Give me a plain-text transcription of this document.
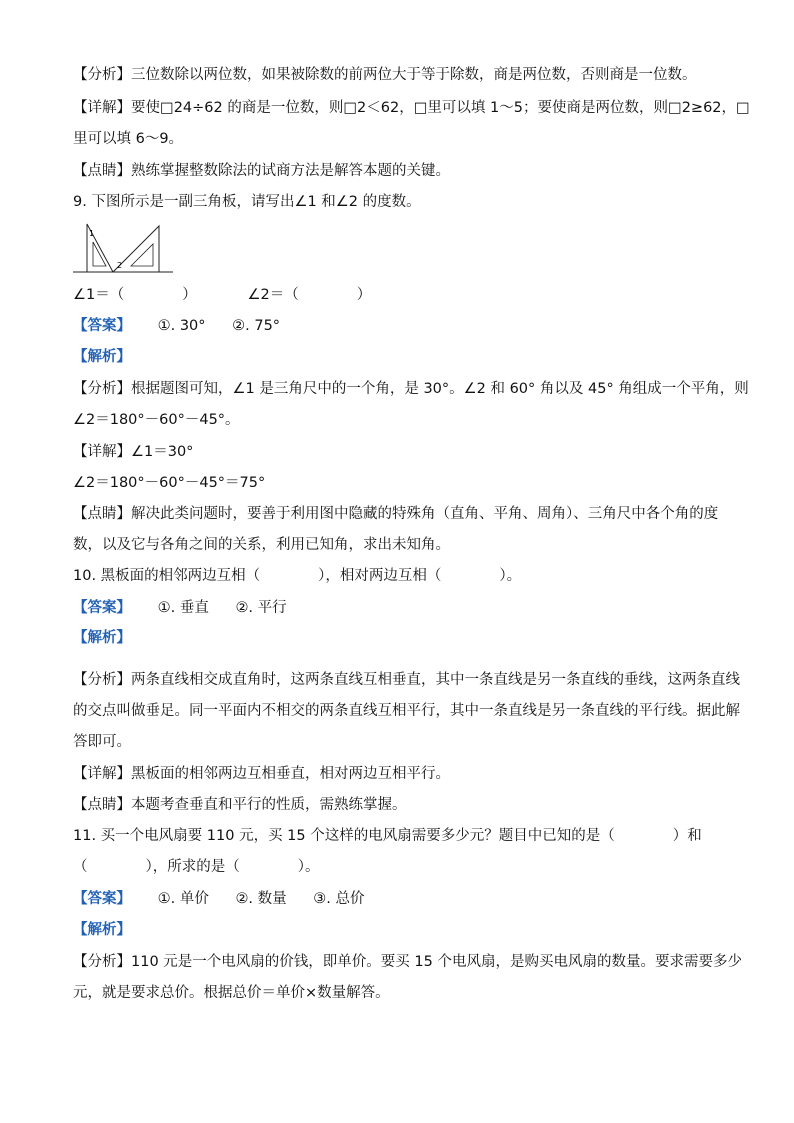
【分析】三位数除以两位数，如果被除数的前两位大于等于除数，商是两位数，否则商是一位数。
【详解】要使□24÷62 的商是一位数，则□2＜62，□里可以填 1～5；要使商是两位数，则□2≥62，□
里可以填 6～9。
【点睛】熟练掌握整数除法的试商方法是解答本题的关键。
9. 下图所示是一副三角板，请写出∠1 和∠2 的度数。
1
2
∠1＝（　　　　）　　　　∠2＝（　　　　）
【答案】 ①. 30° ②. 75°
【解析】
【分析】根据题图可知，∠1 是三角尺中的一个角，是 30°。∠2 和 60° 角以及 45° 角组成一个平角，则
∠2＝180°－60°－45°。
【详解】∠1＝30°
∠2＝180°－60°－45°＝75°
【点睛】解决此类问题时，要善于利用图中隐藏的特殊角（直角、平角、周角）、三角尺中各个角的度
数，以及它与各角之间的关系，利用已知角，求出未知角。
10. 黑板面的相邻两边互相（　　　　），相对两边互相（　　　　）。
【答案】 ①. 垂直 ②. 平行
【解析】
【分析】两条直线相交成直角时，这两条直线互相垂直，其中一条直线是另一条直线的垂线，这两条直线
的交点叫做垂足。同一平面内不相交的两条直线互相平行，其中一条直线是另一条直线的平行线。据此解
答即可。
【详解】黑板面的相邻两边互相垂直，相对两边互相平行。
【点睛】本题考查垂直和平行的性质，需熟练掌握。
11. 买一个电风扇要 110 元，买 15 个这样的电风扇需要多少元？题目中已知的是（　　　　）和
（　　　　），所求的是（　　　　）。
【答案】 ①. 单价 ②. 数量 ③. 总价
【解析】
【分析】110 元是一个电风扇的价钱，即单价。要买 15 个电风扇，是购买电风扇的数量。要求需要多少
元，就是要求总价。根据总价＝单价×数量解答。
